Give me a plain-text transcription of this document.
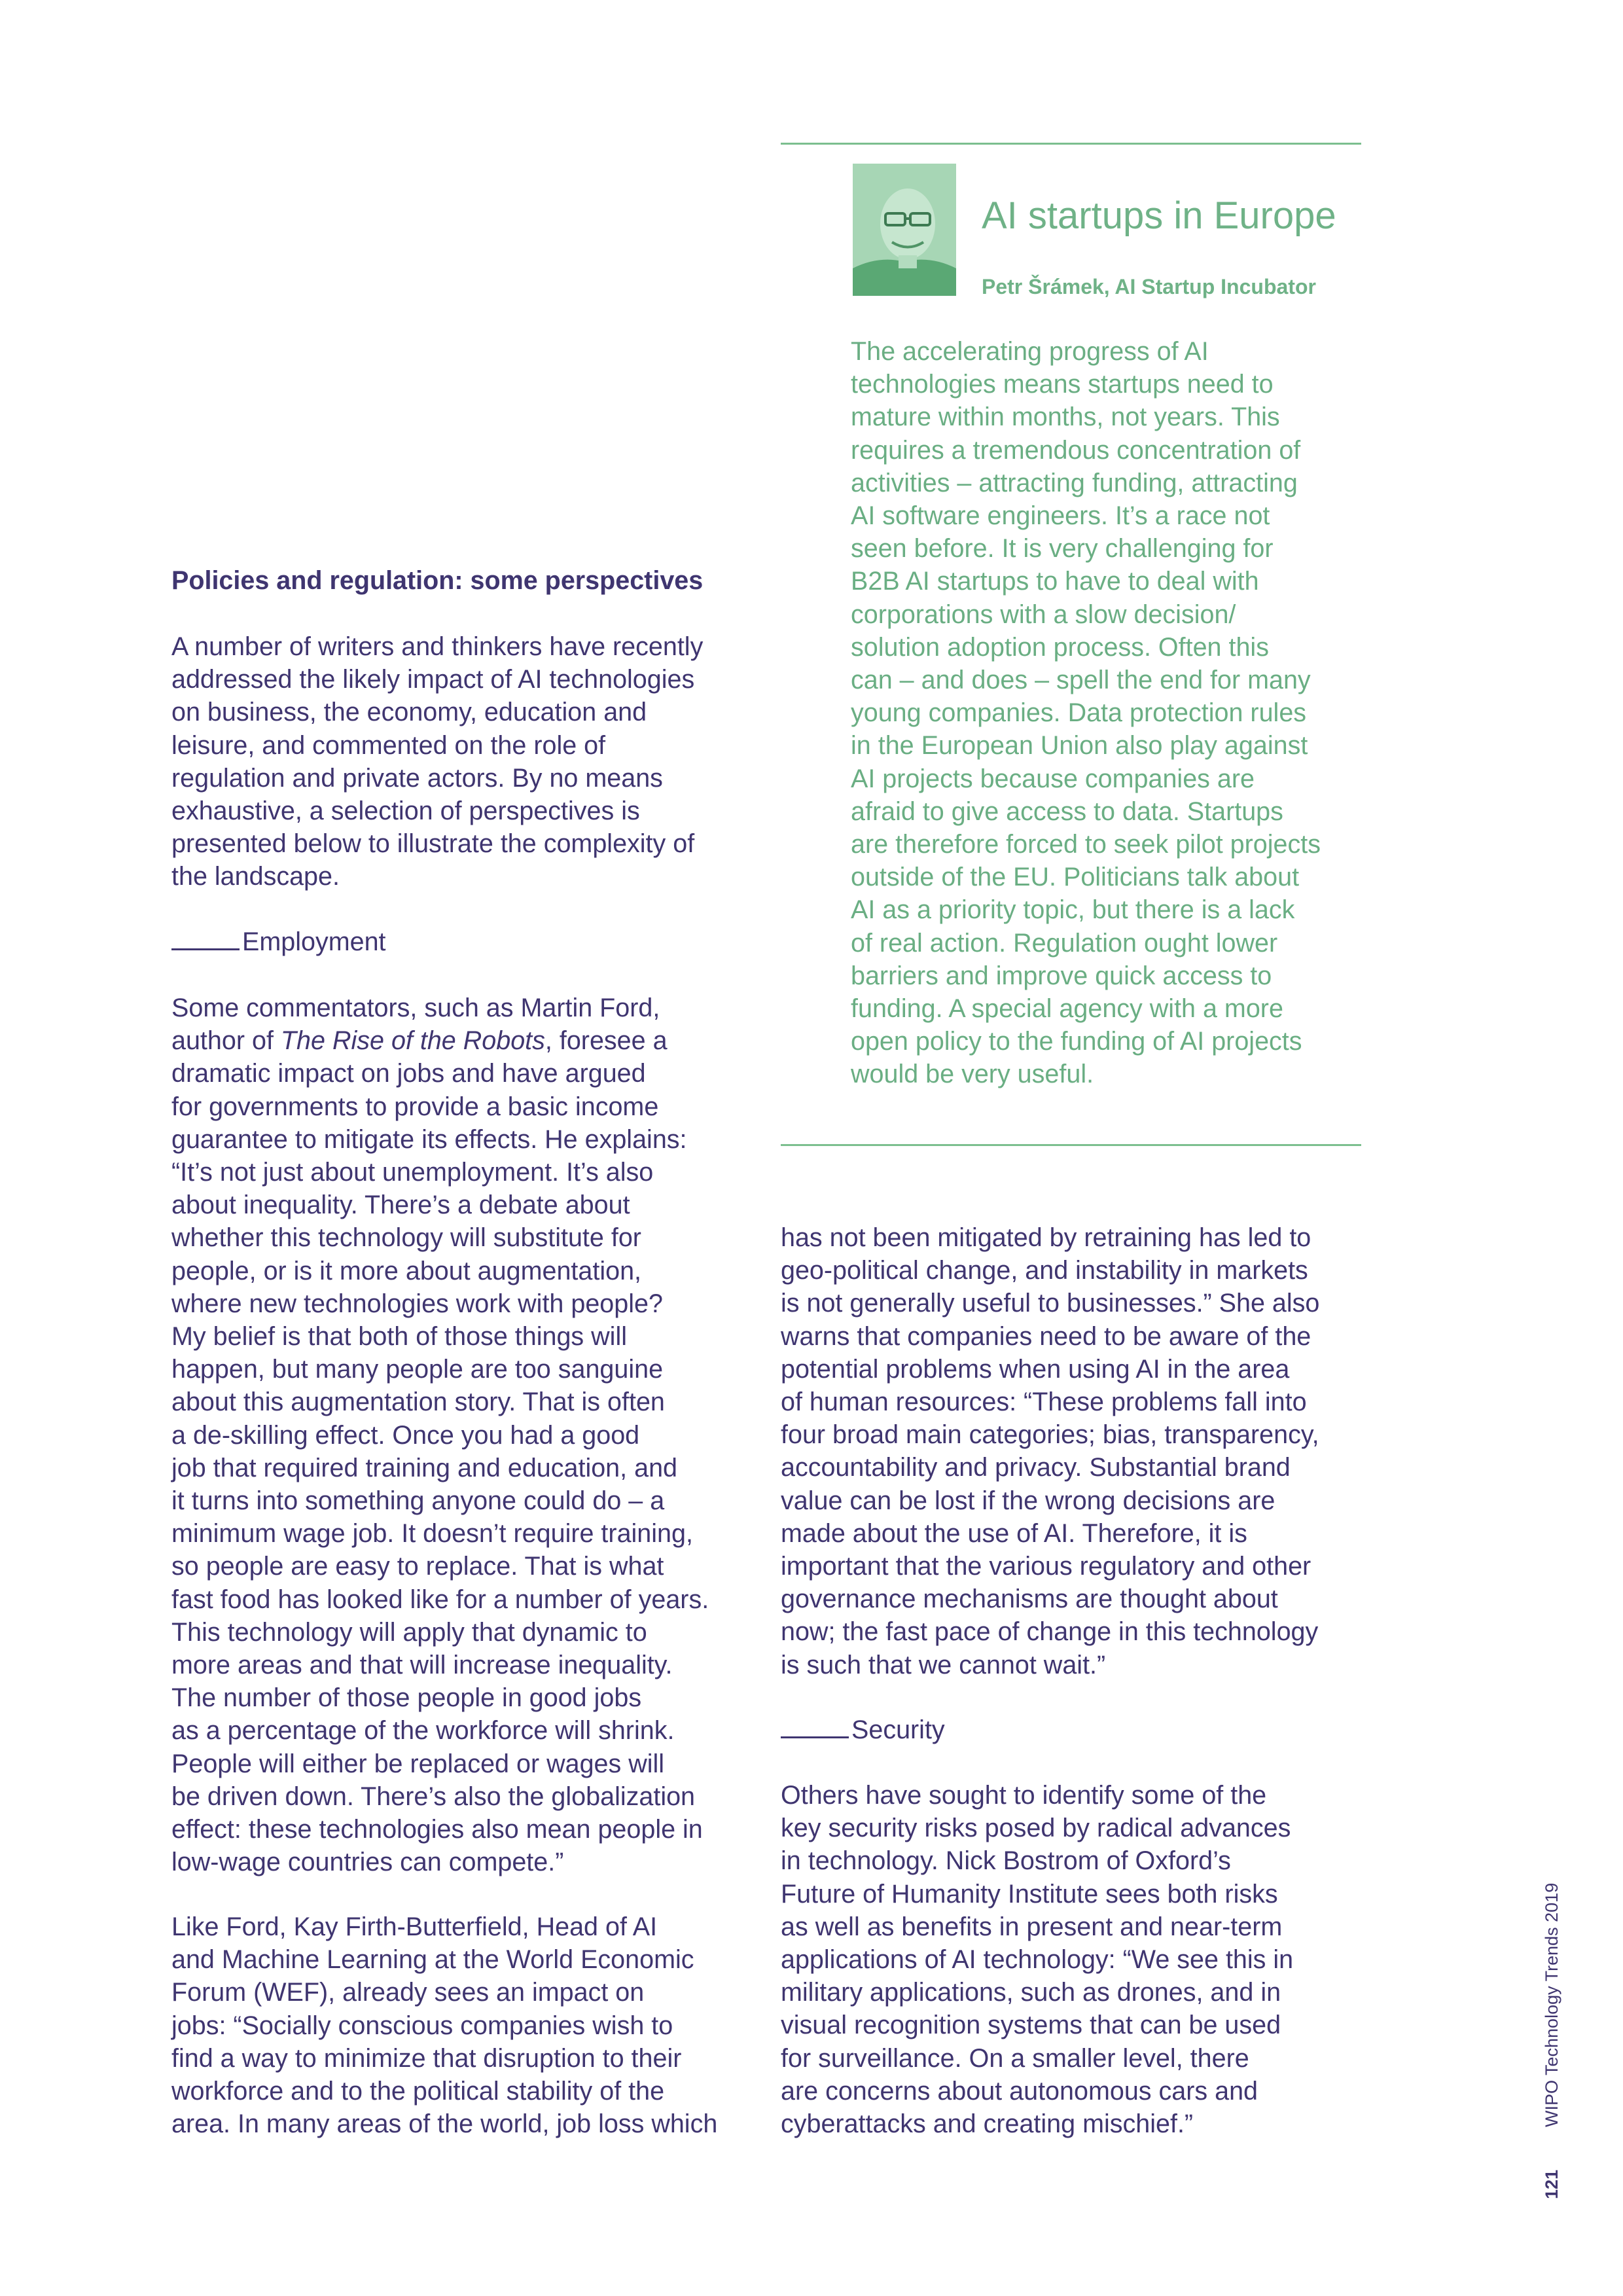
AI startups in Europe
Petr Šrámek, AI Startup Incubator
The accelerating progress of AI
technologies means startups need to
mature within months, not years. This
requires a tremendous concentration of
activities – attracting funding, attracting
AI software engineers. It’s a race not
seen before. It is very challenging for
B2B AI startups to have to deal with
corporations with a slow decision/
solution adoption process. Often this
can – and does – spell the end for many
young companies. Data protection rules
in the European Union also play against
AI projects because companies are
afraid to give access to data. Startups
are therefore forced to seek pilot projects
outside of the EU. Politicians talk about
AI as a priority topic, but there is a lack
of real action. Regulation ought lower
barriers and improve quick access to
funding. A special agency with a more
open policy to the funding of AI projects
would be very useful.
Policies and regulation: some perspectives
A number of writers and thinkers have recently
addressed the likely impact of AI technologies
on business, the economy, education and
leisure, and commented on the role of
regulation and private actors. By no means
exhaustive, a selection of perspectives is
presented below to illustrate the complexity of
the landscape.
Employment
Some commentators, such as Martin Ford,
author of The Rise of the Robots, foresee a
dramatic impact on jobs and have argued
for governments to provide a basic income
guarantee to mitigate its effects. He explains:
“It’s not just about unemployment. It’s also
about inequality. There’s a debate about
whether this technology will substitute for
people, or is it more about augmentation,
where new technologies work with people?
My belief is that both of those things will
happen, but many people are too sanguine
about this augmentation story. That is often
a de-skilling effect. Once you had a good
job that required training and education, and
it turns into something anyone could do – a
minimum wage job. It doesn’t require training,
so people are easy to replace. That is what
fast food has looked like for a number of years.
This technology will apply that dynamic to
more areas and that will increase inequality.
The number of those people in good jobs
as a percentage of the workforce will shrink.
People will either be replaced or wages will
be driven down. There’s also the globalization
effect: these technologies also mean people in
low-wage countries can compete.”
Like Ford, Kay Firth-Butterfield, Head of AI
and Machine Learning at the World Economic
Forum (WEF), already sees an impact on
jobs: “Socially conscious companies wish to
find a way to minimize that disruption to their
workforce and to the political stability of the
area. In many areas of the world, job loss which
has not been mitigated by retraining has led to
geo-political change, and instability in markets
is not generally useful to businesses.” She also
warns that companies need to be aware of the
potential problems when using AI in the area
of human resources: “These problems fall into
four broad main categories; bias, transparency,
accountability and privacy. Substantial brand
value can be lost if the wrong decisions are
made about the use of AI. Therefore, it is
important that the various regulatory and other
governance mechanisms are thought about
now; the fast pace of change in this technology
is such that we cannot wait.”
Security
Others have sought to identify some of the
key security risks posed by radical advances
in technology. Nick Bostrom of Oxford’s
Future of Humanity Institute sees both risks
as well as benefits in present and near-term
applications of AI technology: “We see this in
military applications, such as drones, and in
visual recognition systems that can be used
for surveillance. On a smaller level, there
are concerns about autonomous cars and
cyberattacks and creating mischief.”	WIPO Technology Trends 2019
121
